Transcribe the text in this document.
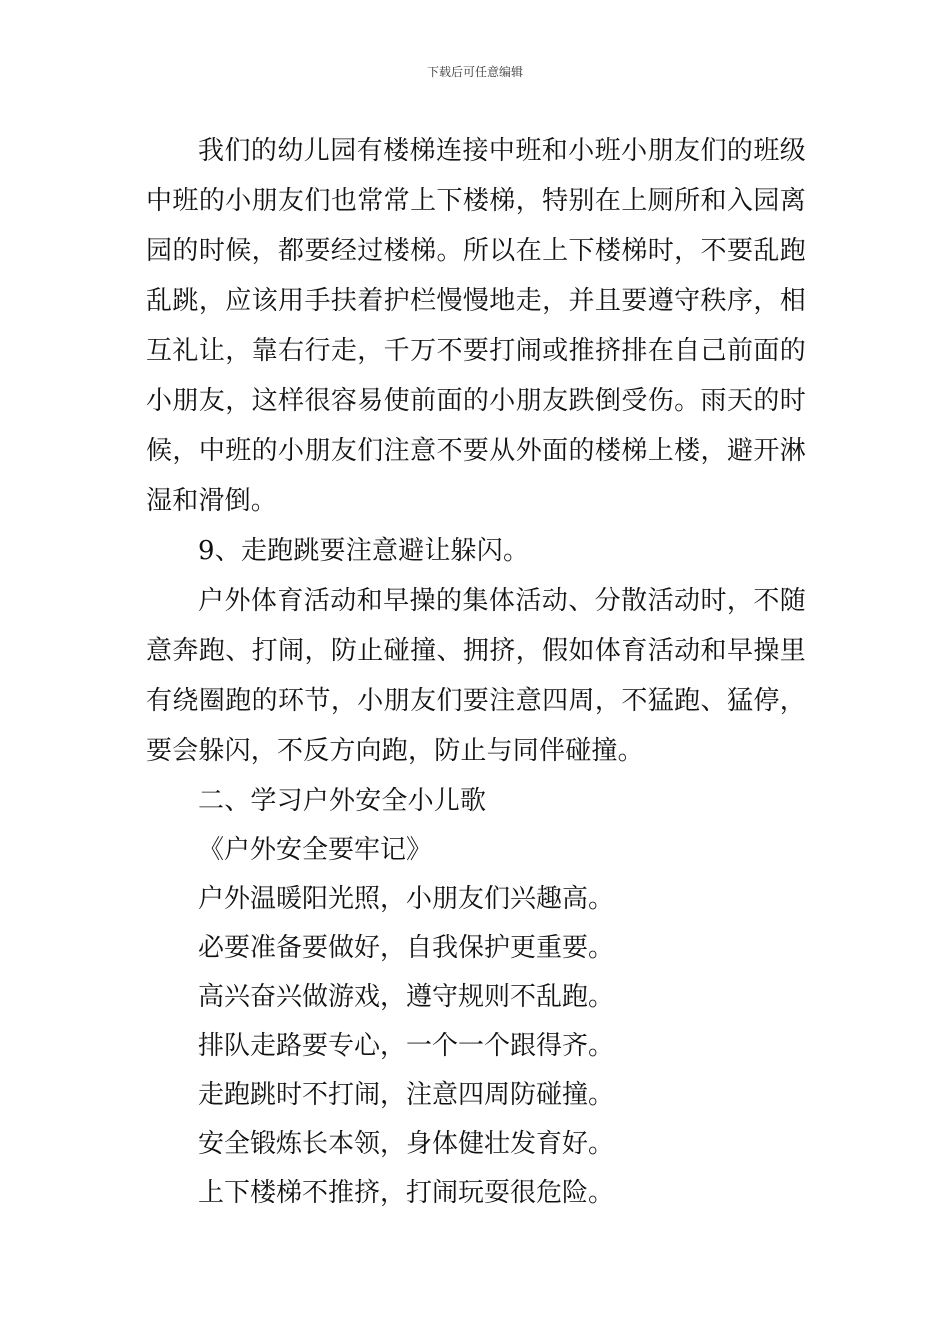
下载后可任意编辑

我们的幼儿园有楼梯连接中班和小班小朋友们的班级中班的小朋友们也常常上下楼梯，特别在上厕所和入园离园的时候，都要经过楼梯。所以在上下楼梯时，不要乱跑乱跳，应该用手扶着护栏慢慢地走，并且要遵守秩序，相互礼让，靠右行走，千万不要打闹或推挤排在自己前面的小朋友，这样很容易使前面的小朋友跌倒受伤。雨天的时候，中班的小朋友们注意不要从外面的楼梯上楼，避开淋湿和滑倒。

9、走跑跳要注意避让躲闪。

户外体育活动和早操的集体活动、分散活动时，不随意奔跑、打闹，防止碰撞、拥挤，假如体育活动和早操里有绕圈跑的环节，小朋友们要注意四周，不猛跑、猛停，要会躲闪，不反方向跑，防止与同伴碰撞。

二、学习户外安全小儿歌

《户外安全要牢记》

户外温暖阳光照，小朋友们兴趣高。

必要准备要做好，自我保护更重要。

高兴奋兴做游戏，遵守规则不乱跑。

排队走路要专心，一个一个跟得齐。

走跑跳时不打闹，注意四周防碰撞。

安全锻炼长本领，身体健壮发育好。

上下楼梯不推挤，打闹玩耍很危险。
